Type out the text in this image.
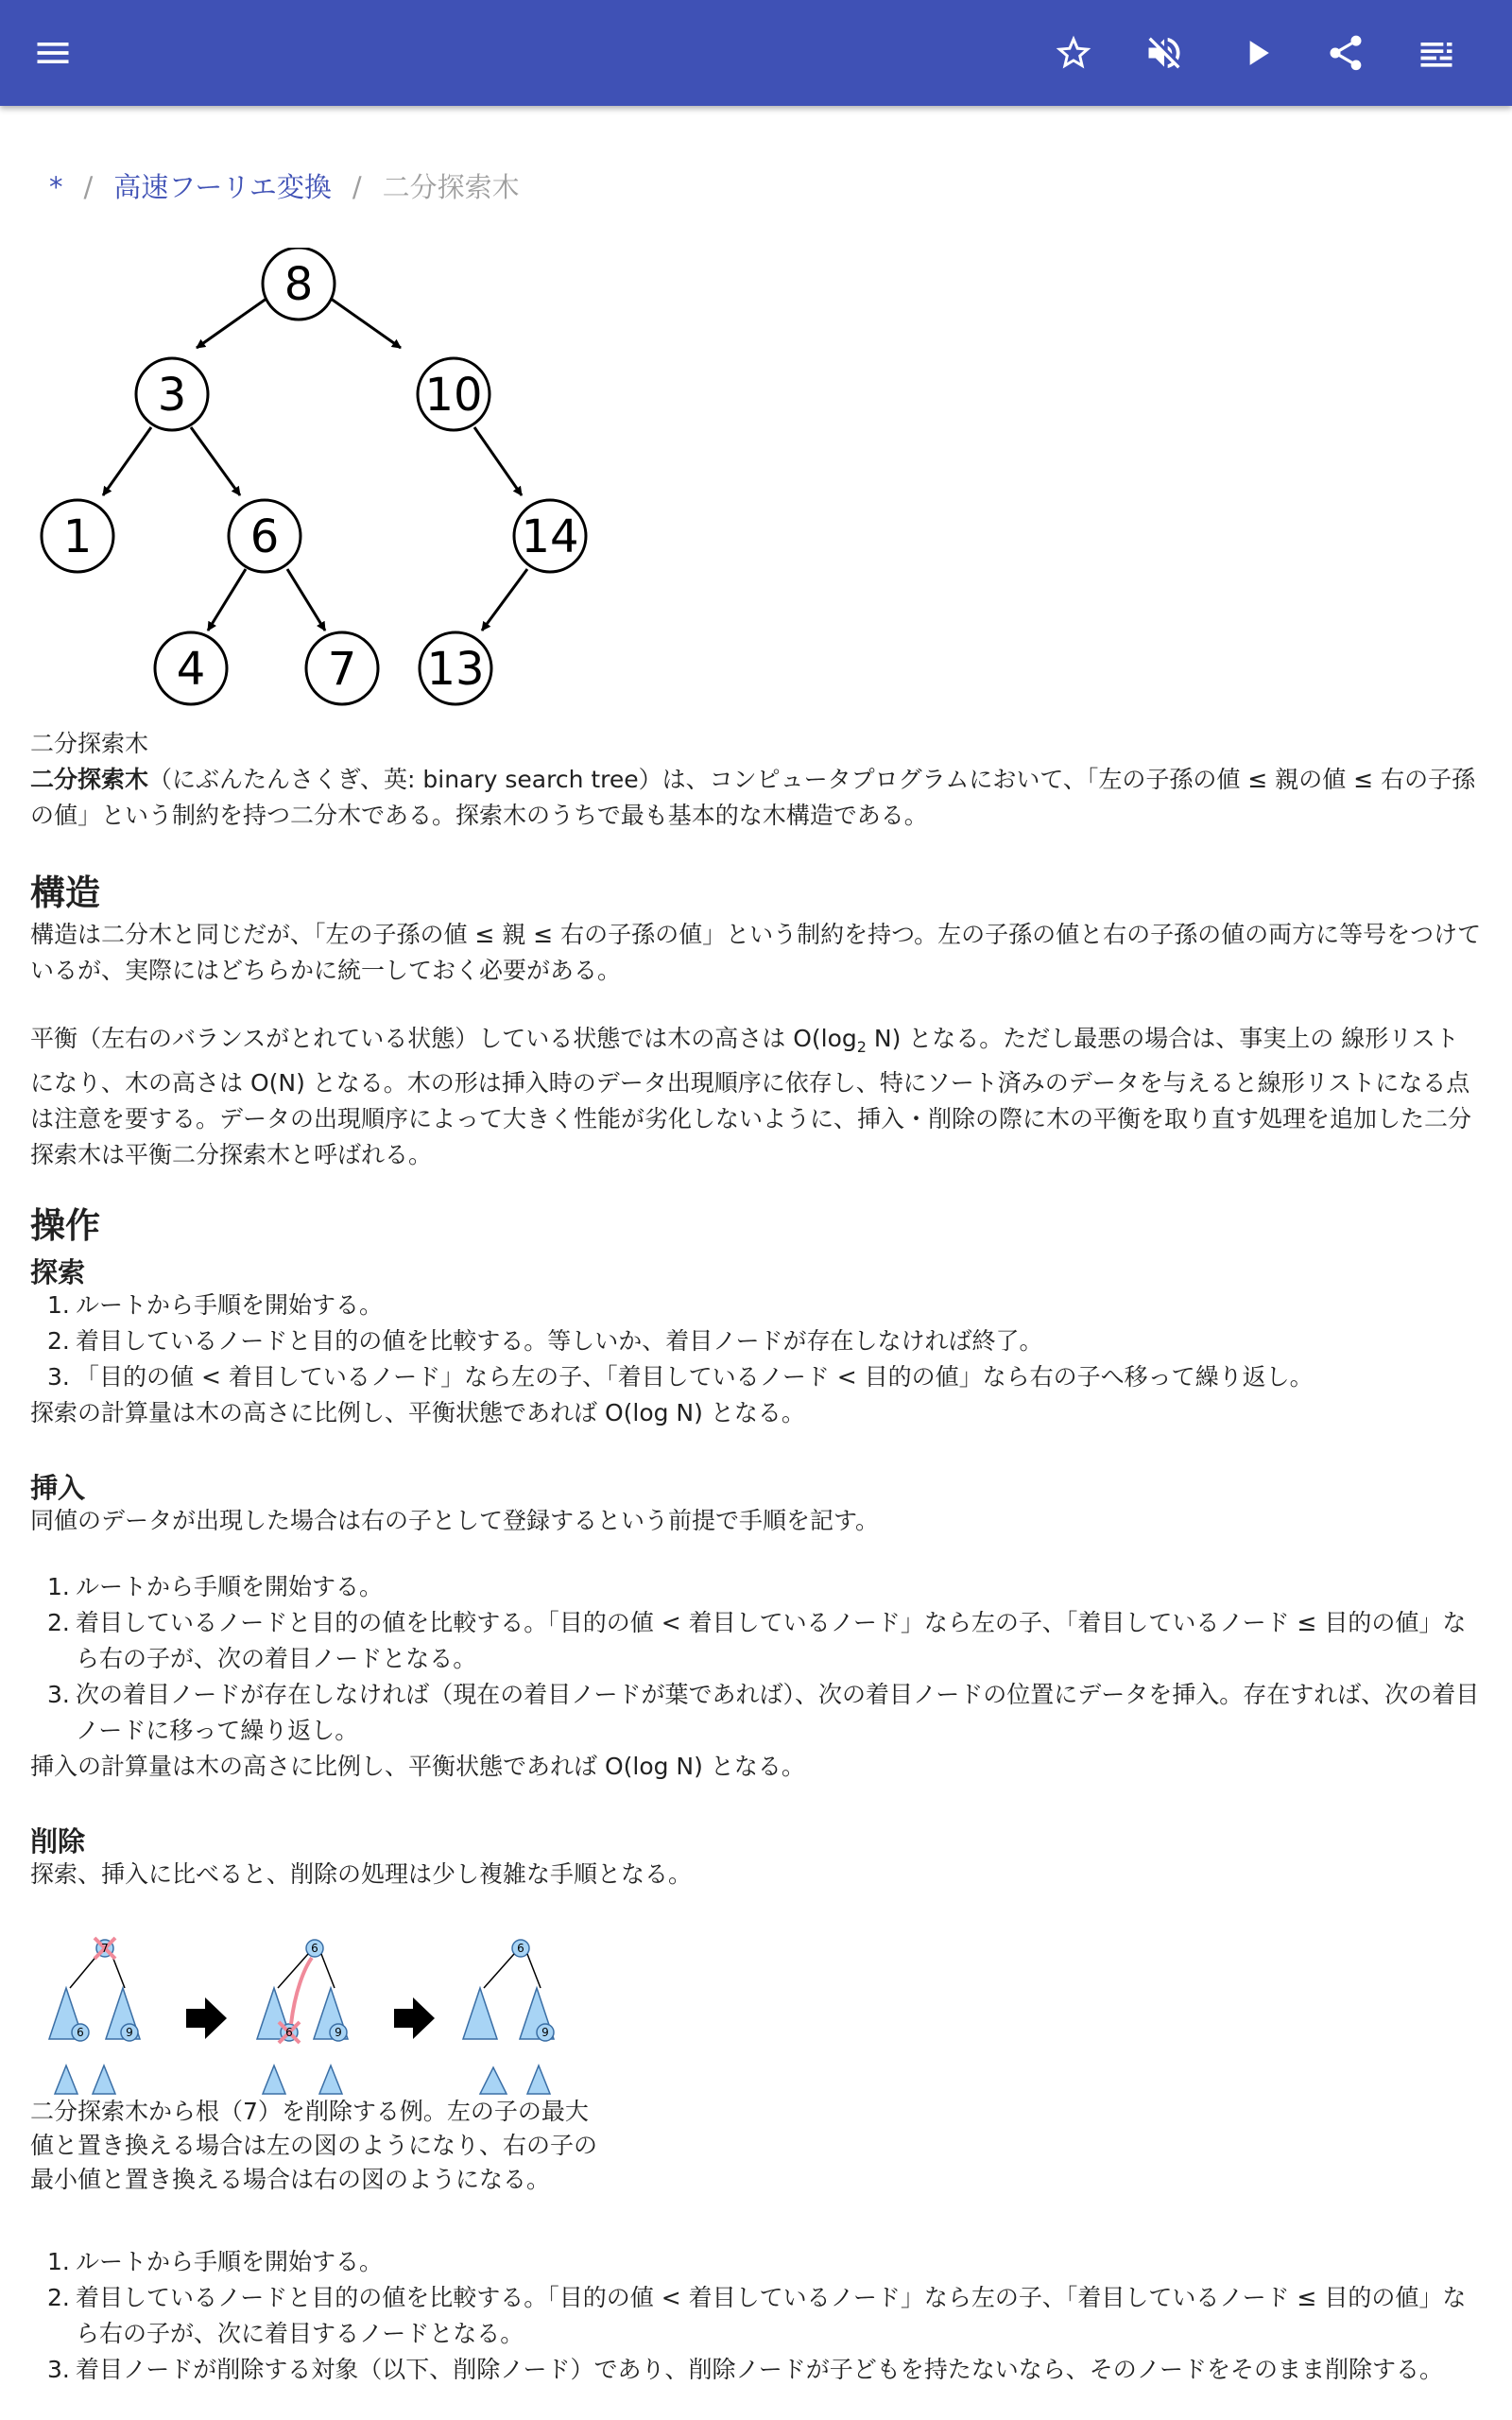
* / 高速フーリエ変換 / 二分探索木
8
3	10
1	6	14
4	7 13
二分探索木
二分探索木（にぶんたんさくぎ、英: binary search tree）は、コンピュータプログラムにおいて、「左の子孫の値 ≤ 親の値 ≤ 右の子孫の値」という制約を持つ二分木である。探索木のうちで最も基本的な木構造である。
構造
構造は二分木と同じだが、「左の子孫の値 ≤ 親 ≤ 右の子孫の値」という制約を持つ。左の子孫の値と右の子孫の値の両方に等号をつけているが、実際にはどちらかに統一しておく必要がある。
平衡（左右のバランスがとれている状態）している状態では木の高さは $O(\log_2$ N) となる。ただし最悪の場合は、事実上の 線形リスト になり、木の高さは O(N) となる。木の形は挿入時のデータ出現順序に依存し、特にソート済みのデータを与えると線形リストになる点は注意を要する。データの出現順序によって大きく性能が劣化しないように、挿入・削除の際に木の平衡を取り直す処理を追加した二分探索木は平衡二分探索木と呼ばれる。
操作
探索
1. ルートから手順を開始する。
2. 着目しているノードと目的の値を比較する。等しいか、着目ノードが存在しなければ終了。
3. 「目的の値 < 着目しているノード」なら左の子、「着目しているノード < 目的の値」なら右の子へ移って繰り返し。
探索の計算量は木の高さに比例し、平衡状態であれば O(log N) となる。
挿入
同値のデータが出現した場合は右の子として登録するという前提で手順を記す。
1. ルートから手順を開始する。
2. 着目しているノードと目的の値を比較する。「目的の値 < 着目しているノード」なら左の子、「着目しているノード ≤ 目的の値」なら右の子が、次の着目ノードとなる。
3. 次の着目ノードが存在しなければ（現在の着目ノードが葉であれば）、次の着目ノードの位置にデータを挿入。存在すれば、次の着目ノードに移って繰り返し。
挿入の計算量は木の高さに比例し、平衡状態であれば O(log N) となる。
削除
探索、挿入に比べると、削除の処理は少し複雑な手順となる。
7
6	9
6
6	9
6
9
二分探索木から根（7）を削除する例。左の子の最大値と置き換える場合は左の図のようになり、右の子の最小値と置き換える場合は右の図のようになる。
1. ルートから手順を開始する。
2. 着目しているノードと目的の値を比較する。「目的の値 < 着目しているノード」なら左の子、「着目しているノード ≤ 目的の値」なら右の子が、次に着目するノードとなる。
3. 着目ノードが削除する対象（以下、削除ノード）であり、削除ノードが子どもを持たないなら、そのノードをそのまま削除する。
